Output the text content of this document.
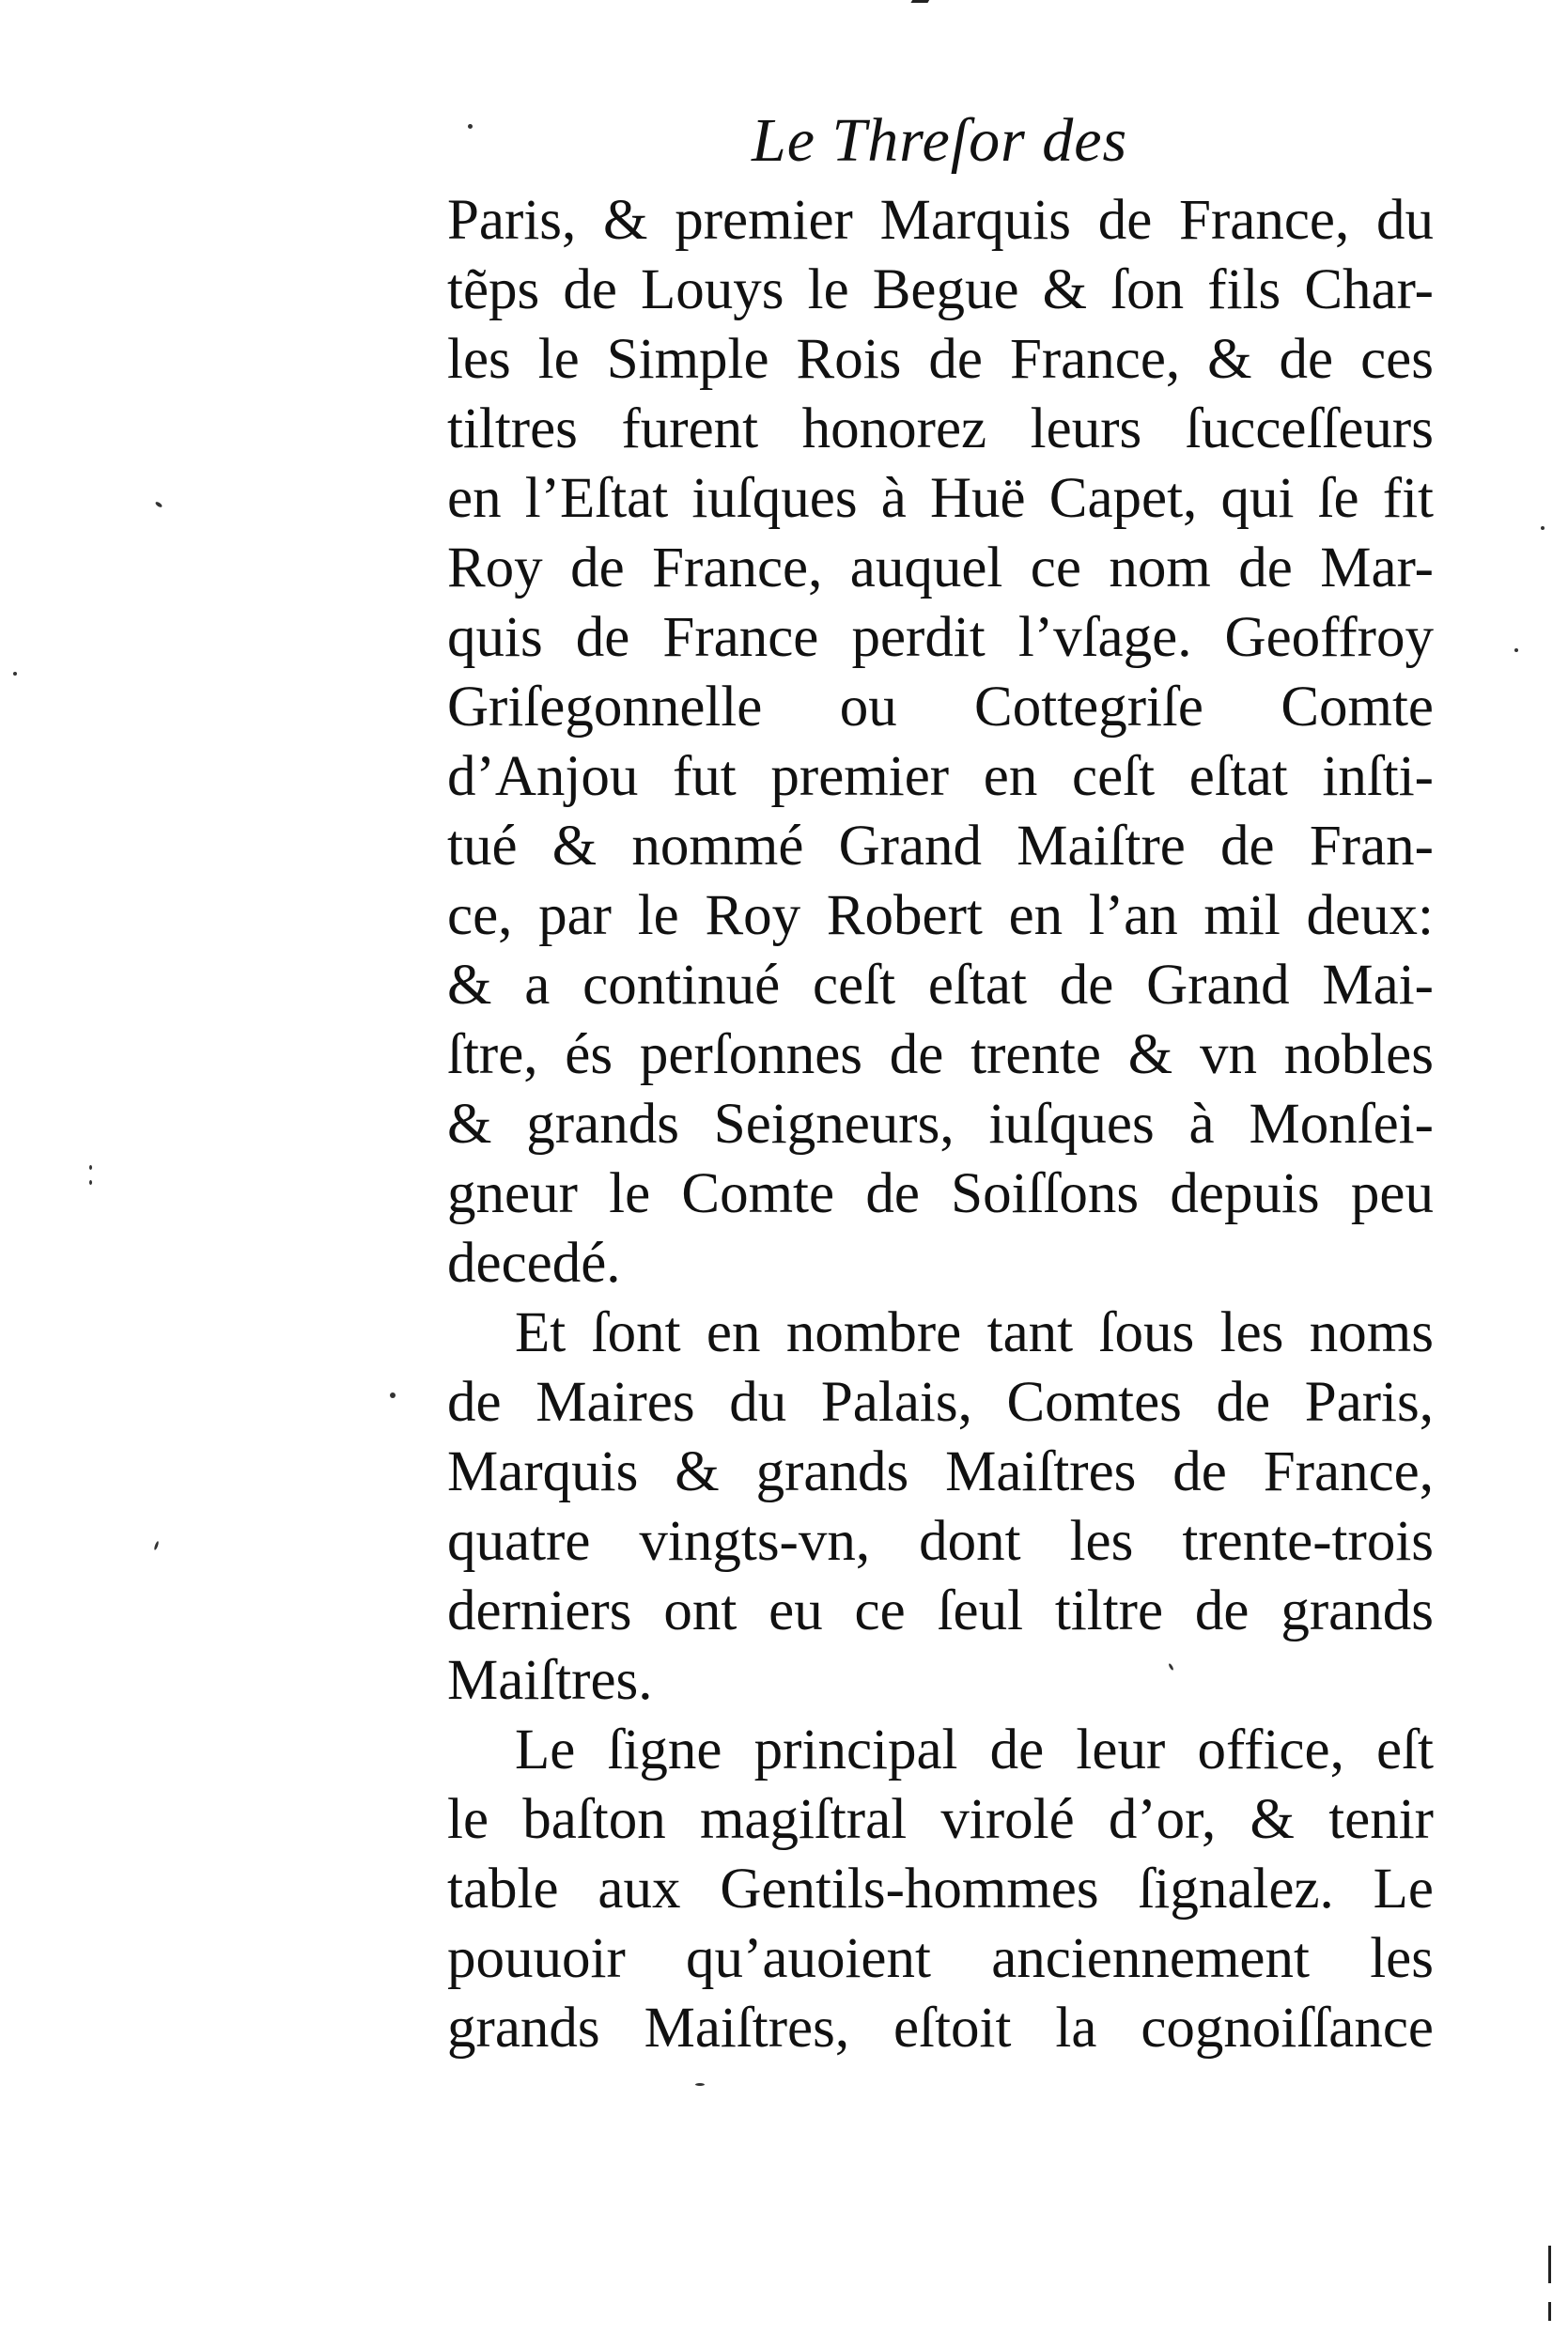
Le Threſor des
Paris, & premier Marquis de France, du
tẽps de Louys le Begue & ſon fils Char-
les le Simple Rois de France, & de ces
tiltres furent honorez leurs ſucceſſeurs
en l’Eſtat iuſques à Huë Capet, qui ſe fit
Roy de France, auquel ce nom de Mar-
quis de France perdit l’vſage. Geoffroy
Griſegonnelle ou Cottegriſe Comte
d’Anjou fut premier en ceſt eſtat inſti-
tué & nommé Grand Maiſtre de Fran-
ce, par le Roy Robert en l’an mil deux:
& a continué ceſt eſtat de Grand Mai-
ſtre, és perſonnes de trente & vn nobles
& grands Seigneurs, iuſques à Monſei-
gneur le Comte de Soiſſons depuis peu
decedé.
Et ſont en nombre tant ſous les noms
de Maires du Palais, Comtes de Paris,
Marquis & grands Maiſtres de France,
quatre vingts-vn, dont les trente-trois
derniers ont eu ce ſeul tiltre de grands
Maiſtres.
Le ſigne principal de leur office, eſt
le baſton magiſtral virolé d’or, & tenir
table aux Gentils-hommes ſignalez. Le
pouuoir qu’auoient anciennement les
grands Maiſtres, eſtoit la cognoiſſance
